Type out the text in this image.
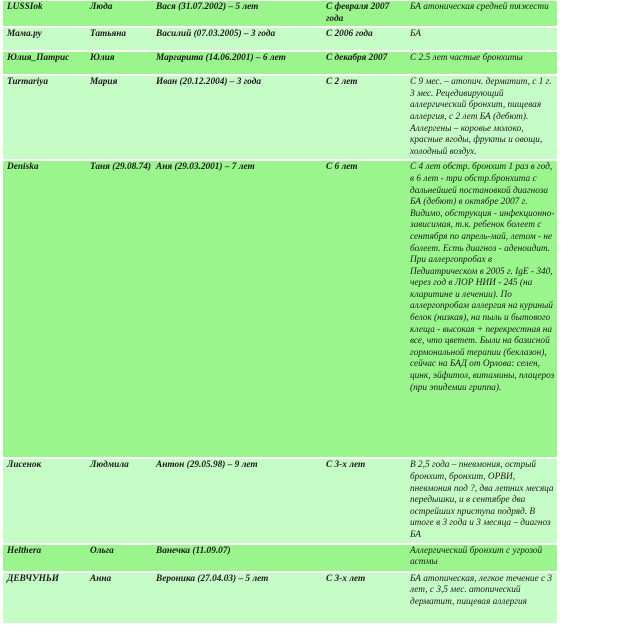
LUSSIok	Люда	Вася (31.07.2002) – 5 лет	С февраля 2007 года	БА атоническая средней тяжести
Мама.ру	Татьяна	Василий (07.03.2005) – 3 года	С 2006 года	БА
Юлия_Патрис	Юлия	Маргарита (14.06.2001) – 6 лет	С декабря 2007	С 2.5 лет частые бронхиты
Turmariya	Мария	Иван (20.12.2004) – 3 года	С 2 лет	С 9 мес. – атопич. дерматит, с 1 г. 3 мес. Рецедивирующий аллергический бронхит, пищевая аллергия, с 2 лет БА (дебют). Аллергены – коровье молоко, красные ягоды, фрукты и овощи, холодный воздух.
Deniska	Таня (29.08.74)	Аня (29.03.2001) – 7 лет	С 6 лет	С 4 лет обстр. бронхит 1 раз в год, в 6 лет - три обстр.бронхита с дальнейшей постановкой диагноза БА (дебют) в октябре 2007 г. Видимо, обструкция - инфекционно-зависимая, т.к. ребенок болеет с сентября по апрель-май, летом - не болеет. Есть диагноз - аденоидит. При аллергопробах в Педиатрическом в 2005 г. IgE - 340, через год в ЛОР НИИ - 245 (на кларитине и лечении). По аллергопробам аллергия на куриный белок (низкая), на пыль и бытового клеща - высокая + перекрестная на все, что цветет. Были на базисной гормональной терапии (беклазон), сейчас на БАД от Орлова: селен, цинк, эйфитол, витамины, плацероз (при эпидемии гриппа).
Лисенок	Людмила	Антон (29.05.98) – 9 лет	С 3-х лет	В 2,5 года – пневмония, острый бронхит, бронхит, ОРВИ, пневмония под ?, два летних месяца передышки, и в сентябре два острейших приступа подряд. В итоге в 3 года и 3 месяца – диагноз БА
Helthera	Ольга	Ванечка (11.09.07)		Аллергический бронхит с угрозой астмы
ДЕВЧУНЬИ	Анна	Вероника (27.04.03) – 5 лет	С 3-х лет	БА атопическая, легкое течение с 3 лет, с 3,5 мес. атопический дерматит, пищевая аллергия
